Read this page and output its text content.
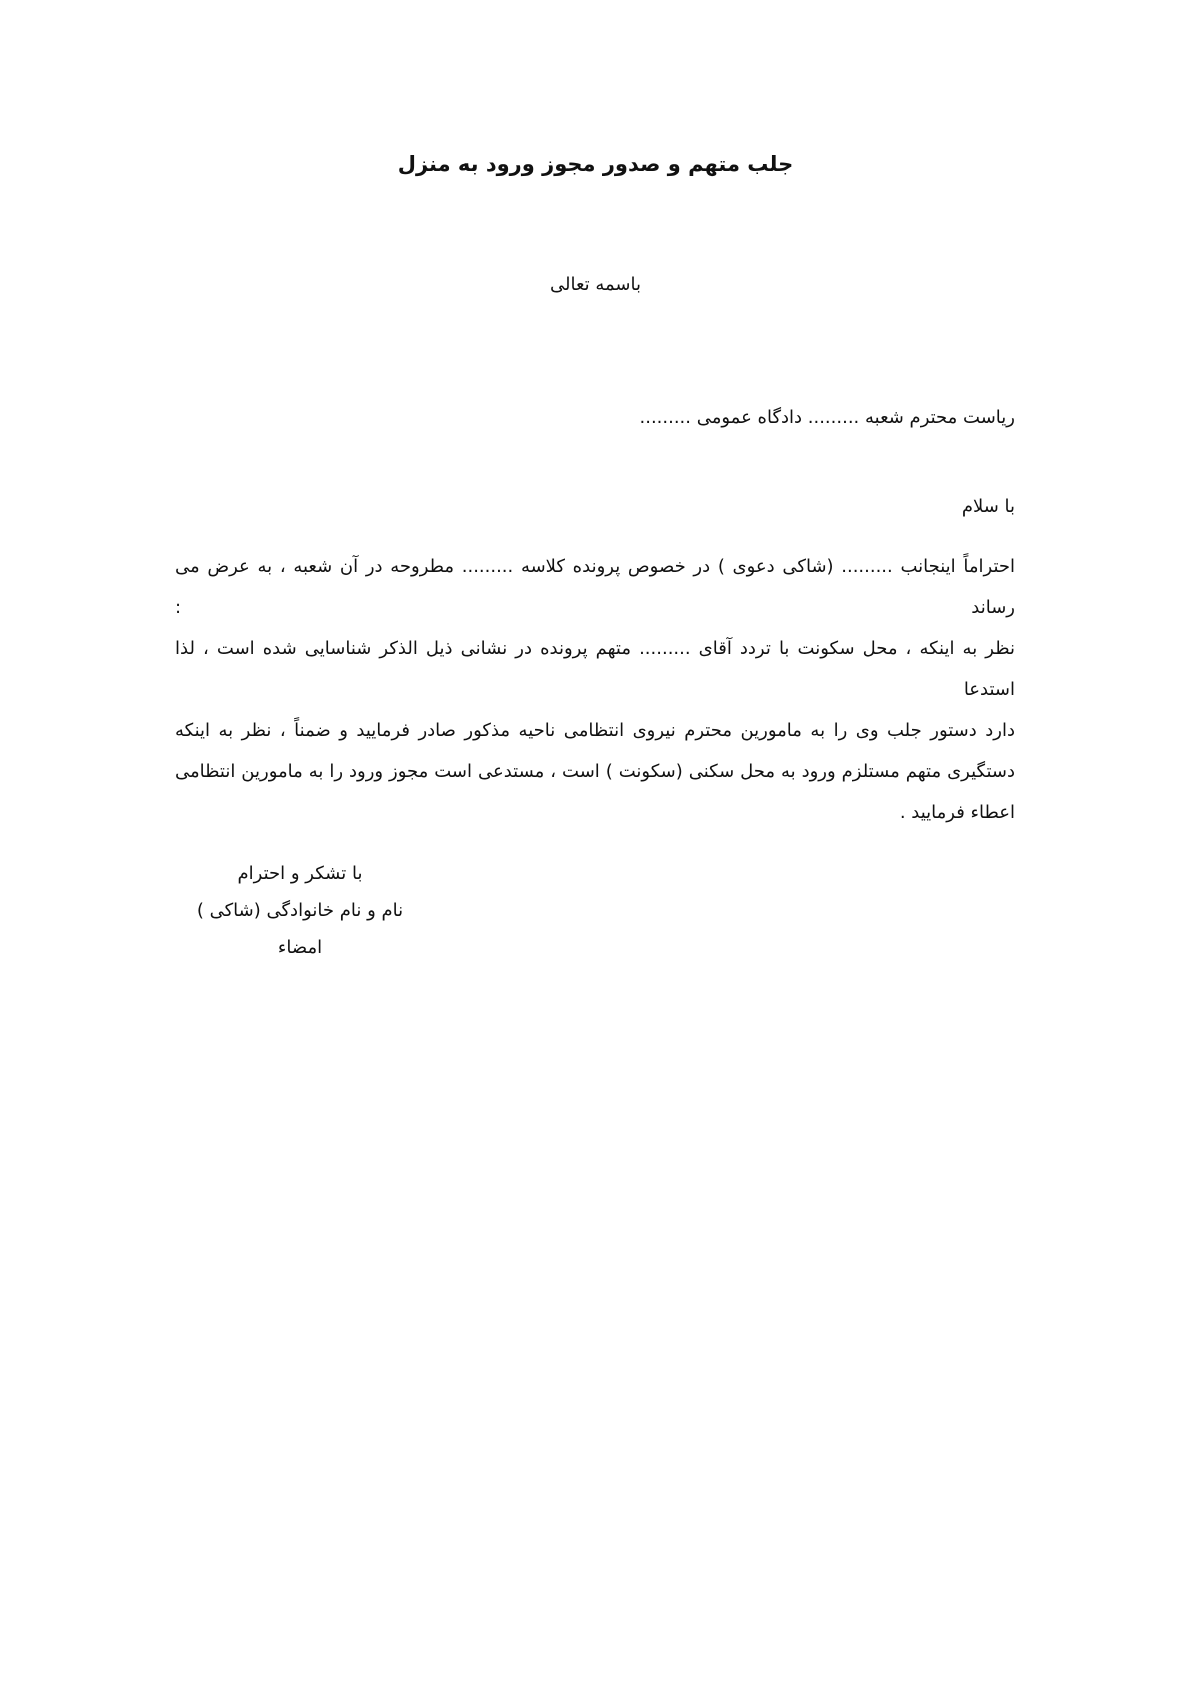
جلب متهم و صدور مجوز ورود به منزل

باسمه تعالی

ریاست محترم شعبه ......... دادگاه عمومی .........

با سلام

احتراماً اینجانب ......... (شاکی دعوی ) در خصوص پرونده کلاسه ......... مطروحه در آن شعبه ، به عرض می رساند :
نظر به اینکه ، محل سکونت با تردد آقای ......... متهم پرونده در نشانی ذیل الذکر شناسایی شده است ، لذا استدعا
دارد دستور جلب وی را به مامورین محترم نیروی انتظامی ناحیه مذکور صادر فرمایید و ضمناً ، نظر به اینکه
دستگیری متهم مستلزم ورود به محل سکنی (سکونت ) است ، مستدعی است مجوز ورود را به مامورین انتظامی
اعطاء فرمایید .
با تشکر و احترام
نام و نام خانوادگی (شاکی )
امضاء
